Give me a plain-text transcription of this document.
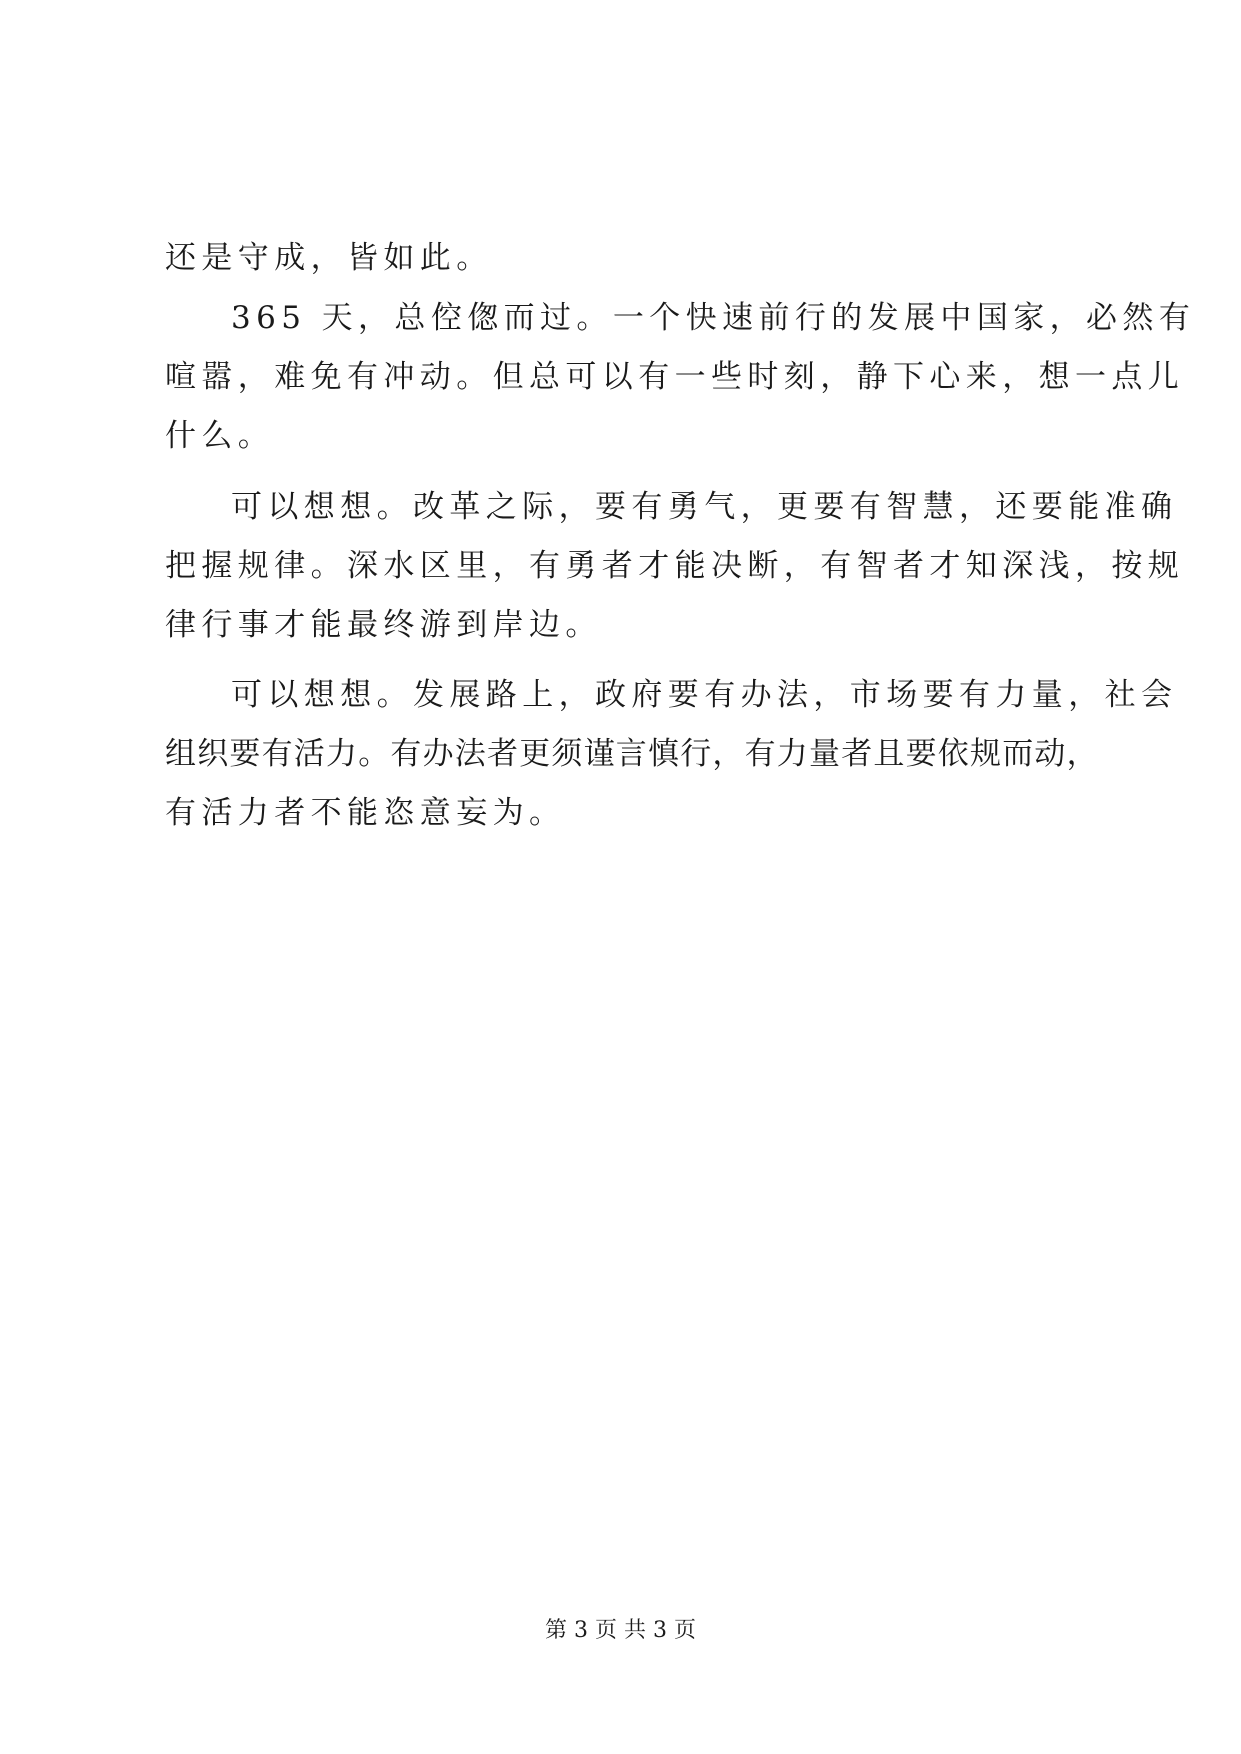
还是守成，皆如此。
365 天，总倥偬而过。一个快速前行的发展中国家，必然有
喧嚣，难免有冲动。但总可以有一些时刻，静下心来，想一点儿
什么。
可以想想。改革之际，要有勇气，更要有智慧，还要能准确
把握规律。深水区里，有勇者才能决断，有智者才知深浅，按规
律行事才能最终游到岸边。
可以想想。发展路上，政府要有办法，市场要有力量，社会
组织要有活力。有办法者更须谨言慎行，有力量者且要依规而动，
有活力者不能恣意妄为。
第 3 页 共 3 页
